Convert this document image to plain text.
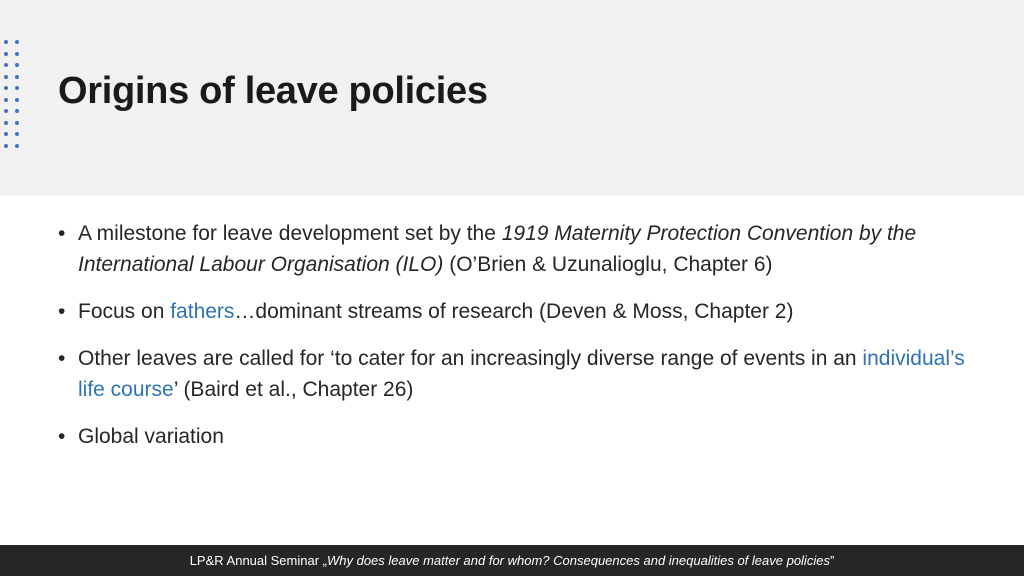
Origins of leave policies
• A milestone for leave development set by the 1919 Maternity Protection Convention by the International Labour Organisation (ILO) (O’Brien & Uzunalioglu, Chapter 6)
• Focus on fathers…dominant streams of research (Deven & Moss, Chapter 2)
• Other leaves are called for ‘to cater for an increasingly diverse range of events in an individual’s life course’ (Baird et al., Chapter 26)
• Global variation
LP&R Annual Seminar „Why does leave matter and for whom? Consequences and inequalities of leave policies”
